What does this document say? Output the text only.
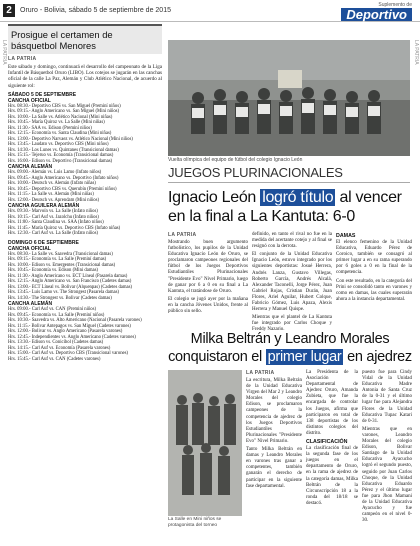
2	Oruro - Bolivia, sábado 5 de septiembre de 2015
Suplemento de
Deportivo
LA PATRIA	LA PATRIA
Prosigue el certamen de básquetbol Menores
LA PATRIA
Este sábado y domingo, continuará el desarrollo del campeonato de la Liga Infantil de Básquetbol Oruro (LIBO). Los cotejos se jugarán en las canchas oficial de la calle La Paz, Alemán y Club Atlético Nacional, de acuerdo al siguiente rol:
SÁBADO 5 DE SEPTIEMBRE
CANCHA OFICIAL
Hrs. 08:30.- Deportivo CBS vs. San Miguel (Preminí niños)
Hrs. 09:15.- Anglo Americano vs. San Miguel (Mini niños)
Hrs. 10:00.- La Salle vs. Atlético Nacional (Mini niñas)
Hrs. 10:45.- María Quiroz vs. La Salle (Mini niñas)
Hrs. 11:30.- SAA vs. Edison (Preminí niños)
Hrs. 12:15.- Economía vs. Santa Claudina (Mini niñas)
Hrs. 13:00.- Deportivo Narvaez vs. Atlético Nacional (Mini niños)
Hrs. 13:45.- Laudato vs. Deportivo CBS (Mini niños)
Hrs. 14:30.- Los Lunes vs. Quintanes (Transicional damas)
Hrs. 15:15.- Tejeruo vs. Economía (Transicional damas)
Hrs. 16:00.- Edison vs. Deportivo (Transicional damas)
CANCHA ALEMÁN
Hrs. 09:00.- Alemán vs. Luis Lamo (Infato niños)
Hrs. 09:45.- Anglo Americano vs. Deportivo (Infato niños)
Hrs. 10:00.- Deutsch vs. Alemán (Infato niñas)
Hrs. 10:45.- Deportivo CBS vs. Querubín (Preminí niños)
Hrs. 11:15.- La Salle vs. Alemán (Mini niñas)
Hrs. 12:00.- Deutsch vs. Aprendam (Mini niños)
CANCHA AGUILERA ALEMÁN
Hrs. 09:30.- Marvoín vs. La Salle (Infato niños)
Hrs. 10:15.- Carl Auf vs. Jazolchu (Infato niños)
Hrs. 11:00.- Santa Claudina vs. SAA (Infato niños)
Hrs. 11:45.- María Quiroz vs. Deportivo CBS (Infato niñas)
Hrs. 12:30.- Carl Auf vs. La Salle (Infato niños)
DOMINGO 6 DE SEPTIEMBRE
CANCHA OFICIAL
Hrs. 08:30.- La Salle vs. Saavedra (Transicional damas)
Hrs. 09:15.- Economía vs. La Salle (Preminí damas)
Hrs. 10:00.- Edison vs. Emergentes (Transicional damas)
Hrs. 10:45.- Economía vs. Edison (Mini damas)
Hrs. 11:30.- Anglo Americano vs. ECT Líneal (Pasarela damas)
Hrs. 12:15.- Anglo Americano vs. San Francisco (Cadetes damas)
Hrs. 13:00.- ECT Líneal vs. Bolivar (Alquenpas) (Cadetes damas)
Hrs. 13:45.- Luis Lamo vs. The Strongest (Pasarela damas)
Hrs. 14:30.- The Strongest vs. Bolivar (Cadetes damas)
CANCHA ALEMÁN
Hrs. 09:00.- Carl Auf vs. CAN (Preminí niños)
Hrs. 09:45.- Economía vs. La Salle (Preminí niños)
Hrs. 10:30.- Saavedra vs. Alto Americano (Nacional (Pasarela varones)
Hrs. 11:15.- Bolivar Antepagos vs. San Miguel (Cadetes varones)
Hrs. 12:00.- Bolivar vs. Anglo Americano (Pasarela varones)
Hrs. 12:45.- Independientes vs. Anglo Americano (Cadetes varones)
Hrs. 13:30.- Edison vs. Conicibol (Cadetes damas)
Hrs. 14:15.- Carl Auf vs. Economía (Pasarela varones)
Hrs. 15:00.- Carl Auf vs. Deportivo CBS (Transicional varones)
Hrs. 15:45.- Carl Auf vs. CAN (Cadetes varones)
Vuelta olímpica del equipo de fútbol del colegio Ignacio León
JUEGOS PLURINACIONALES
Ignacio León logró título al vencer en la final a La Kantuta: 6-0
LA PATRIA

Mostrando buen argumento futbolístico, los pupilos de la Unidad Educativa Ignacio León de Oruro, se proclamaron campeones regionales del fútbol de los Juegos Deportivos Estudiantiles Plurinacionales "Presidente Evo" Nivel Primario, luego de ganar por 6 a 0 en su final a La Kantuta, el tratándose de Oruro.

El colegio se jugó ayer por la mañana en la cancha Jóvenes Unidos, frente al público sin sello.

definido, en tanto el rival no fue en la medida del acertante cotejo y al final se resignó con la derrota.

El conjunto de la Unidad Educativa Ignacio León, estuvo integrado por los siguientes deportistas: Josué Herrera, Andrés Lanza, Gustavo Villegas, Roberto García, Andrés Alcalá, Alexander Taconelli, Jorge Pérez, Juan Gabriel Rojas, Cristian Durán, Juan Flores, Ariel Aguilar, Hubert Colque, Fabricio Gómez, Luis Apaza, Alexis Herrera y Manuel Quispe.

Mientras que el plantel de La Kantuta fue integrado por Carlos Choque y Freddy Nazario.

DAMAS

El elenco femenino de la Unidad Educativa, Eduardo Pérez de Coroico, también se consagró al primer lugar a en su rama superando por 6 goles a 0 en la final de la competencia.

Con este resultado, en la categoría del Prini se consolidó tanto en varones y como en damas, las cuales superarán ahora a la instancia departamental.

Milka Beltrán y Leandro Morales
conquistaron el primer lugar en ajedrez
La Salle en Mini niños se protagonista del torneo
LA PATRIA

La escritura, Milka Beltrán de la Unidad Educativa Virgen del Mar 2 y Leandro Morales del colegio Edison, se proclamaron campeones de la competencia de ajedrez de los Juegos Deportivos Estudiantiles Plurinacionales "Presidente Evo" Nivel Primario.

Tanto Milka Beltrán en damas y Leandro Morales en varones tras ganar a competentes, también ganarán el derecho de participar en la siguiente fase departamental.

La Presidenta de la Asociación Departamental de Ajedrez Oruro, Amanda Zubieta, que fue la encargada de controlar los Juegos, afirma que participaron en total de 138 deportistas de los distintos colegios del distrito.

CLASIFICACIÓN

La clasificación final de la segunda fase de los juegos en el departamento de Oruro, en la rama de ajedrez de la categoría damas, Milka Beltrán de la Circunscripción 18 a la ronda del 18/18 se destacó.

puesto fue para Cindy Vidal de la Unidad Educativa Madre Antonia de Santa Cruz de la 0-31 y el último lugar fue para Alejandra Flores de la Unidad Educativa Tupac Katari de 0-31.

Mientras que en varones, Leandro Morales del colegio Edison, Bolivar Santiago de la Unidad Educativa Ayacucho logró el segundo puesto, seguido por Juan Carlos Choque, de la Unidad Educativa Eduardo Pérez y el último lugar fue para Jhon Mamani de la Unidad Educativa Ayacucho y fue campeón en el nivel 0-30.
